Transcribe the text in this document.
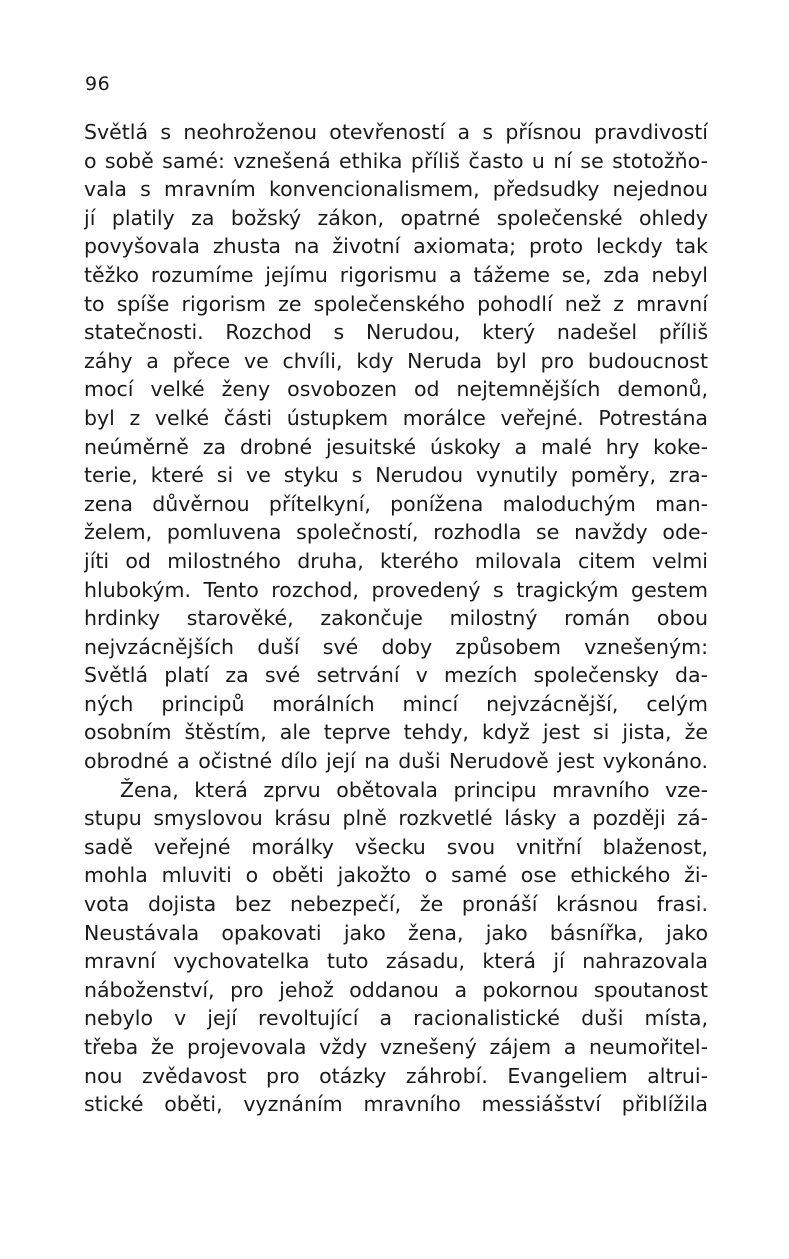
96
Světlá s neohroženou otevřeností a s přísnou pravdivostí
o sobě samé: vznešená ethika příliš často u ní se stotožňo-
vala s mravním konvencionalismem, předsudky nejednou
jí platily za božský zákon, opatrné společenské ohledy
povyšovala zhusta na životní axiomata; proto leckdy tak
těžko rozumíme jejímu rigorismu a tážeme se, zda nebyl
to spíše rigorism ze společenského pohodlí než z mravní
statečnosti. Rozchod s Nerudou, který nadešel příliš
záhy a přece ve chvíli, kdy Neruda byl pro budoucnost
mocí velké ženy osvobozen od nejtemnějších demonů,
byl z velké části ústupkem morálce veřejné. Potrestána
neúměrně za drobné jesuitské úskoky a malé hry koke-
terie, které si ve styku s Nerudou vynutily poměry, zra-
zena důvěrnou přítelkyní, ponížena maloduchým man-
želem, pomluvena společností, rozhodla se navždy ode-
jíti od milostného druha, kterého milovala citem velmi
hlubokým. Tento rozchod, provedený s tragickým gestem
hrdinky starověké, zakončuje milostný román obou
nejvzácnějších duší své doby způsobem vznešeným:
Světlá platí za své setrvání v mezích společensky da-
ných principů morálních mincí nejvzácnější, celým
osobním štěstím, ale teprve tehdy, když jest si jista, že
obrodné a očistné dílo její na duši Nerudově jest vykonáno.
Žena, která zprvu obětovala principu mravního vze-
stupu smyslovou krásu plně rozkvetlé lásky a později zá-
sadě veřejné morálky všecku svou vnitřní blaženost,
mohla mluviti o oběti jakožto o samé ose ethického ži-
vota dojista bez nebezpečí, že pronáší krásnou frasi.
Neustávala opakovati jako žena, jako básnířka, jako
mravní vychovatelka tuto zásadu, která jí nahrazovala
náboženství, pro jehož oddanou a pokornou spoutanost
nebylo v její revoltující a racionalistické duši místa,
třeba že projevovala vždy vznešený zájem a neumořitel-
nou zvědavost pro otázky záhrobí. Evangeliem altrui-
stické oběti, vyznáním mravního messiášství přiblížila
